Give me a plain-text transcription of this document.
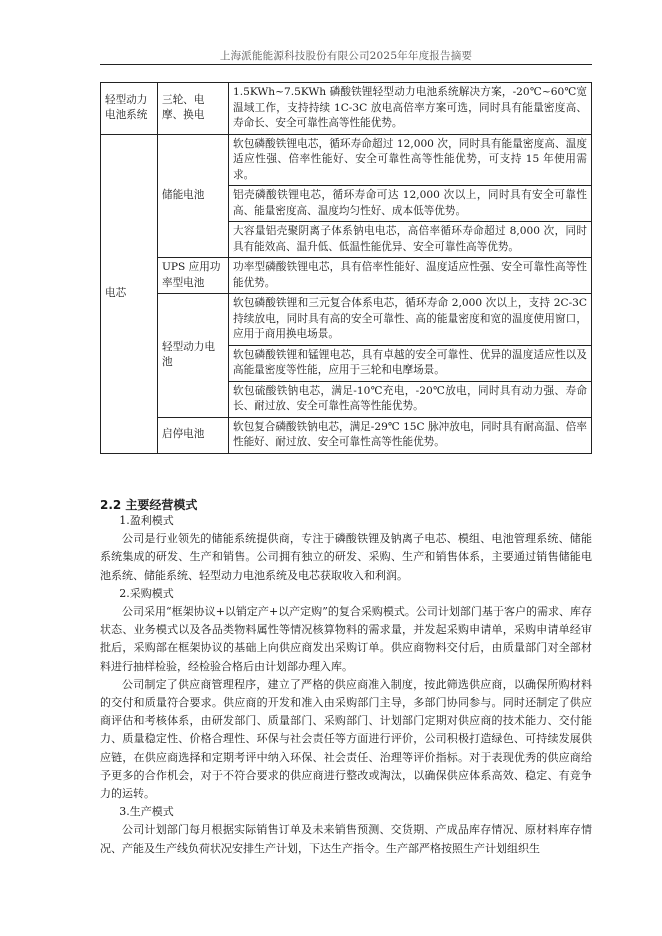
上海派能能源科技股份有限公司2025年年度报告摘要
轻型动力电池系统	三轮、电摩、换电	1.5KWh~7.5KWh 磷酸铁锂轻型动力电池系统解决方案，-20℃~60℃宽温域工作，支持持续 1C-3C 放电高倍率方案可选，同时具有能量密度高、寿命长、安全可靠性高等性能优势。
电芯	储能电池	软包磷酸铁锂电芯，循环寿命超过 12,000 次，同时具有能量密度高、温度适应性强、倍率性能好、安全可靠性高等性能优势，可支持 15 年使用需求。
		铝壳磷酸铁锂电芯，循环寿命可达 12,000 次以上，同时具有安全可靠性高、能量密度高、温度均匀性好、成本低等优势。
		大容量铝壳聚阴离子体系钠电电芯，高倍率循环寿命超过 8,000 次，同时具有能效高、温升低、低温性能优异、安全可靠性高等优势。
	UPS 应用功率型电池	功率型磷酸铁锂电芯，具有倍率性能好、温度适应性强、安全可靠性高等性能优势。
	轻型动力电池	软包磷酸铁锂和三元复合体系电芯，循环寿命 2,000 次以上，支持 2C-3C 持续放电，同时具有高的安全可靠性、高的能量密度和宽的温度使用窗口，应用于商用换电场景。
		软包磷酸铁锂和锰锂电芯，具有卓越的安全可靠性、优异的温度适应性以及高能量密度等性能，应用于三轮和电摩场景。
		软包硫酸铁钠电芯，满足-10℃充电，-20℃放电，同时具有动力强、寿命长、耐过放、安全可靠性高等性能优势。
	启停电池	软包复合磷酸铁钠电芯，满足-29℃ 15C 脉冲放电，同时具有耐高温、倍率性能好、耐过放、安全可靠性高等性能优势。
2.2 主要经营模式

1.盈利模式

公司是行业领先的储能系统提供商，专注于磷酸铁锂及钠离子电芯、模组、电池管理系统、储能系统集成的研发、生产和销售。公司拥有独立的研发、采购、生产和销售体系，主要通过销售储能电池系统、储能系统、轻型动力电池系统及电芯获取收入和利润。

2.采购模式

公司采用“框架协议+以销定产+以产定购”的复合采购模式。公司计划部门基于客户的需求、库存状态、业务模式以及各品类物料属性等情况核算物料的需求量，并发起采购申请单，采购申请单经审批后，采购部在框架协议的基础上向供应商发出采购订单。供应商物料交付后，由质量部门对全部材料进行抽样检验，经检验合格后由计划部办理入库。

公司制定了供应商管理程序，建立了严格的供应商准入制度，按此筛选供应商，以确保所购材料的交付和质量符合要求。供应商的开发和准入由采购部门主导，多部门协同参与。同时还制定了供应商评估和考核体系，由研发部门、质量部门、采购部门、计划部门定期对供应商的技术能力、交付能力、质量稳定性、价格合理性、环保与社会责任等方面进行评价，公司积极打造绿色、可持续发展供应链，在供应商选择和定期考评中纳入环保、社会责任、治理等评价指标。对于表现优秀的供应商给予更多的合作机会，对于不符合要求的供应商进行整改或淘汰，以确保供应体系高效、稳定、有竞争力的运转。

3.生产模式

公司计划部门每月根据实际销售订单及未来销售预测、交货期、产成品库存情况、原材料库存情况、产能及生产线负荷状况安排生产计划，下达生产指令。生产部严格按照生产计划组织生
